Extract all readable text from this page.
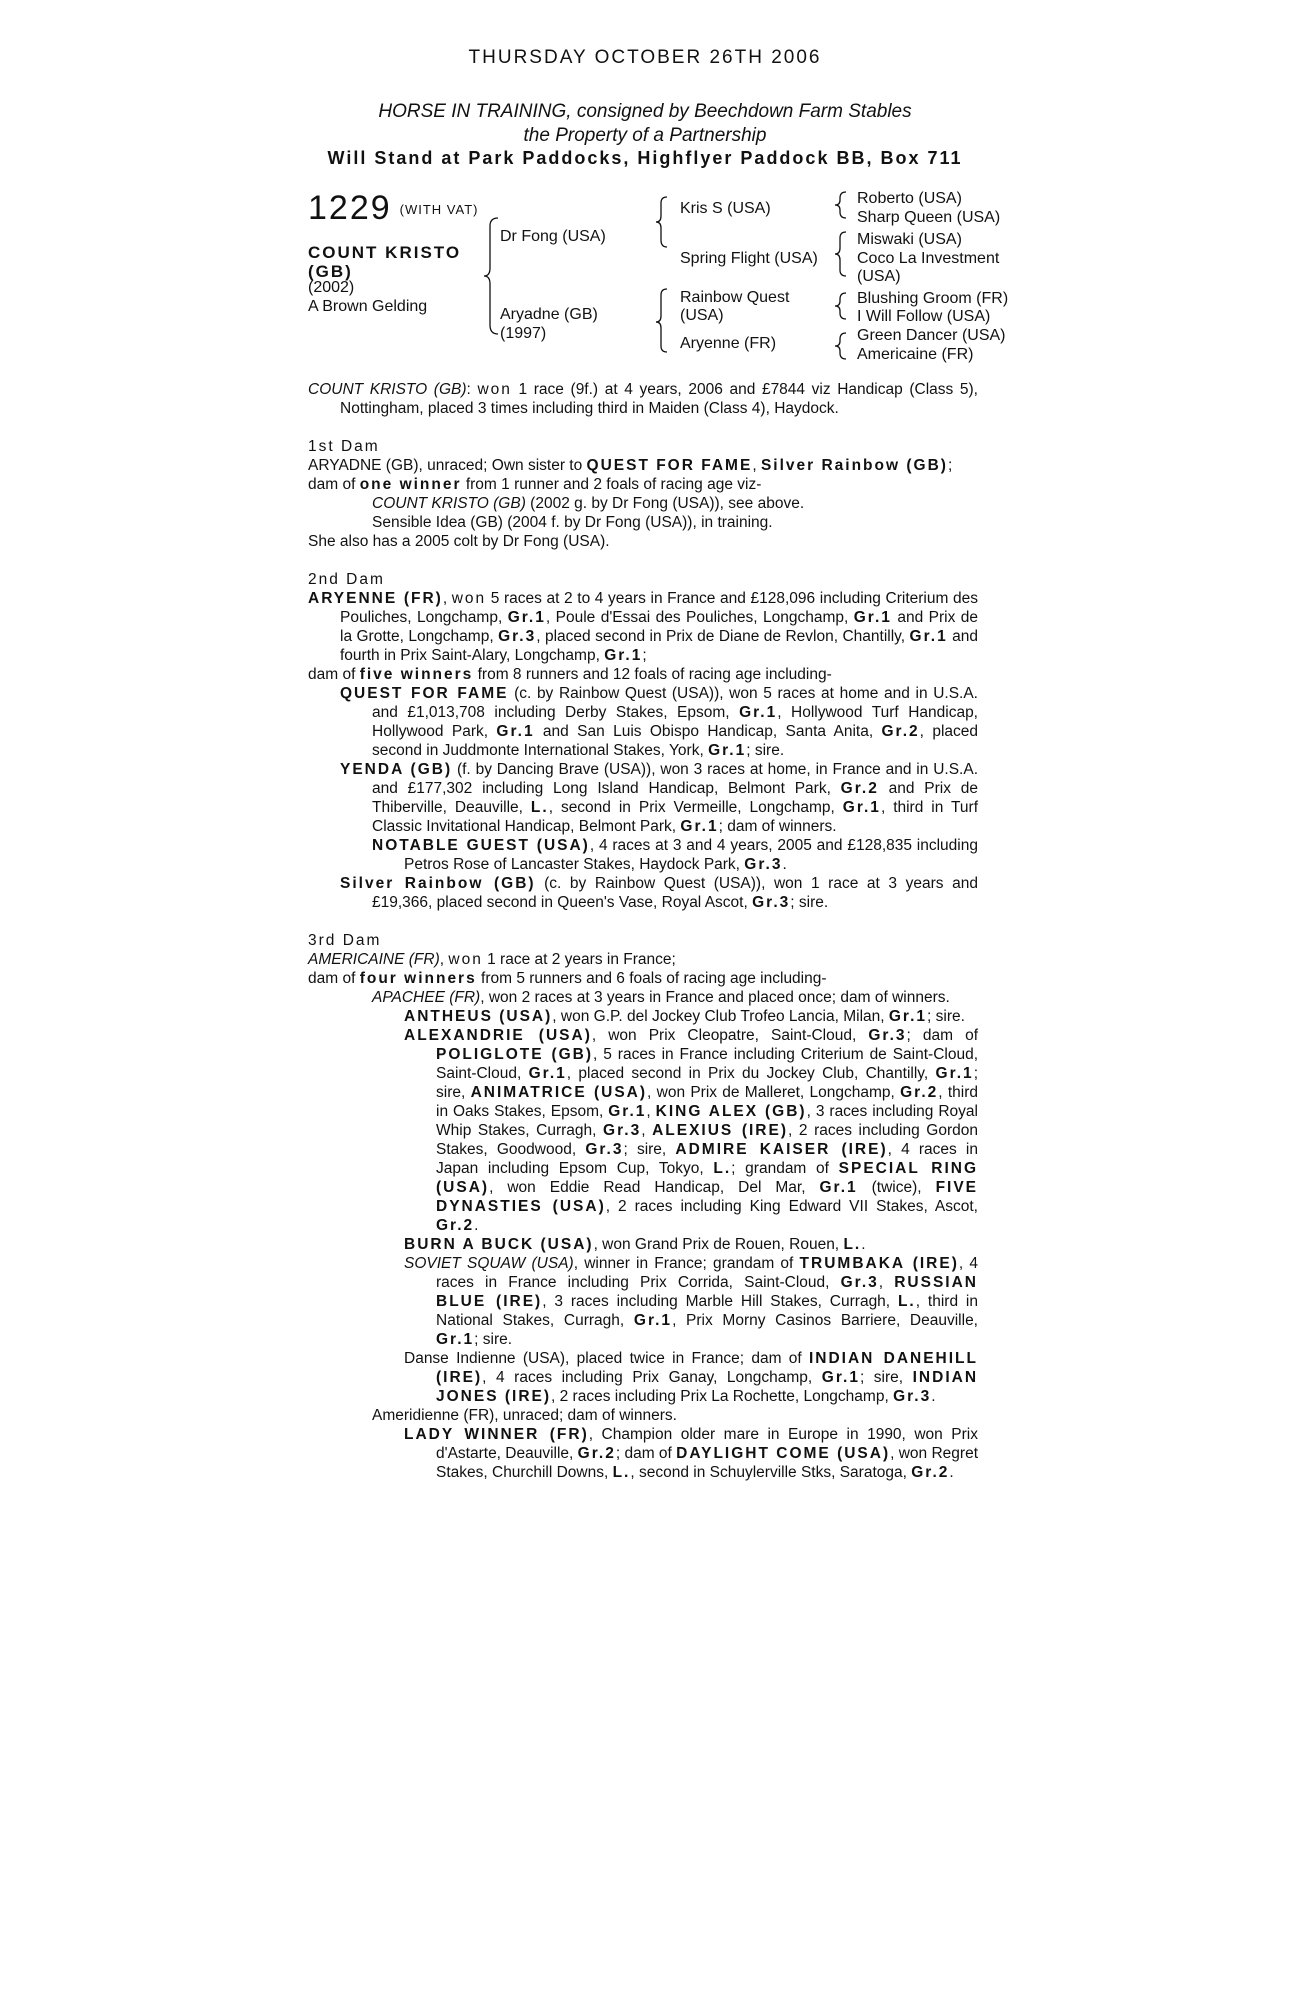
THURSDAY OCTOBER 26TH 2006
HORSE IN TRAINING, consigned by Beechdown Farm Stables
the Property of a Partnership
Will Stand at Park Paddocks, Highflyer Paddock BB, Box 711
1229 (WITH VAT)
COUNT KRISTO (GB)
(2002)
A Brown Gelding
Dr Fong (USA)
Aryadne (GB)
(1997)
Kris S (USA)
Spring Flight (USA)
Rainbow Quest (USA)
Aryenne (FR)
Roberto (USA)
Sharp Queen (USA)
Miswaki (USA)
Coco La Investment (USA)
Blushing Groom (FR)
I Will Follow (USA)
Green Dancer (USA)
Americaine (FR)

COUNT KRISTO (GB): won 1 race (9f.) at 4 years, 2006 and £7844 viz Handicap (Class 5), Nottingham, placed 3 times including third in Maiden (Class 4), Haydock.

1st Dam

ARYADNE (GB), unraced; Own sister to QUEST FOR FAME, Silver Rainbow (GB);

dam of one winner from 1 runner and 2 foals of racing age viz-

COUNT KRISTO (GB) (2002 g. by Dr Fong (USA)), see above.

Sensible Idea (GB) (2004 f. by Dr Fong (USA)), in training.

She also has a 2005 colt by Dr Fong (USA).

2nd Dam

ARYENNE (FR), won 5 races at 2 to 4 years in France and £128,096 including Criterium des Pouliches, Longchamp, Gr.1, Poule d'Essai des Pouliches, Longchamp, Gr.1 and Prix de la Grotte, Longchamp, Gr.3, placed second in Prix de Diane de Revlon, Chantilly, Gr.1 and fourth in Prix Saint-Alary, Longchamp, Gr.1;

dam of five winners from 8 runners and 12 foals of racing age including-

QUEST FOR FAME (c. by Rainbow Quest (USA)), won 5 races at home and in U.S.A. and £1,013,708 including Derby Stakes, Epsom, Gr.1, Hollywood Turf Handicap, Hollywood Park, Gr.1 and San Luis Obispo Handicap, Santa Anita, Gr.2, placed second in Juddmonte International Stakes, York, Gr.1; sire.

YENDA (GB) (f. by Dancing Brave (USA)), won 3 races at home, in France and in U.S.A. and £177,302 including Long Island Handicap, Belmont Park, Gr.2 and Prix de Thiberville, Deauville, L., second in Prix Vermeille, Longchamp, Gr.1, third in Turf Classic Invitational Handicap, Belmont Park, Gr.1; dam of winners.

NOTABLE GUEST (USA), 4 races at 3 and 4 years, 2005 and £128,835 including Petros Rose of Lancaster Stakes, Haydock Park, Gr.3.

Silver Rainbow (GB) (c. by Rainbow Quest (USA)), won 1 race at 3 years and £19,366, placed second in Queen's Vase, Royal Ascot, Gr.3; sire.

3rd Dam

AMERICAINE (FR), won 1 race at 2 years in France;

dam of four winners from 5 runners and 6 foals of racing age including-

APACHEE (FR), won 2 races at 3 years in France and placed once; dam of winners.

ANTHEUS (USA), won G.P. del Jockey Club Trofeo Lancia, Milan, Gr.1; sire.

ALEXANDRIE (USA), won Prix Cleopatre, Saint-Cloud, Gr.3; dam of POLIGLOTE (GB), 5 races in France including Criterium de Saint-Cloud, Saint-Cloud, Gr.1, placed second in Prix du Jockey Club, Chantilly, Gr.1; sire, ANIMATRICE (USA), won Prix de Malleret, Longchamp, Gr.2, third in Oaks Stakes, Epsom, Gr.1, KING ALEX (GB), 3 races including Royal Whip Stakes, Curragh, Gr.3, ALEXIUS (IRE), 2 races including Gordon Stakes, Goodwood, Gr.3; sire, ADMIRE KAISER (IRE), 4 races in Japan including Epsom Cup, Tokyo, L.; grandam of SPECIAL RING (USA), won Eddie Read Handicap, Del Mar, Gr.1 (twice), FIVE DYNASTIES (USA), 2 races including King Edward VII Stakes, Ascot, Gr.2.

BURN A BUCK (USA), won Grand Prix de Rouen, Rouen, L..

SOVIET SQUAW (USA), winner in France; grandam of TRUMBAKA (IRE), 4 races in France including Prix Corrida, Saint-Cloud, Gr.3, RUSSIAN BLUE (IRE), 3 races including Marble Hill Stakes, Curragh, L., third in National Stakes, Curragh, Gr.1, Prix Morny Casinos Barriere, Deauville, Gr.1; sire.

Danse Indienne (USA), placed twice in France; dam of INDIAN DANEHILL (IRE), 4 races including Prix Ganay, Longchamp, Gr.1; sire, INDIAN JONES (IRE), 2 races including Prix La Rochette, Longchamp, Gr.3.

Ameridienne (FR), unraced; dam of winners.

LADY WINNER (FR), Champion older mare in Europe in 1990, won Prix d'Astarte, Deauville, Gr.2; dam of DAYLIGHT COME (USA), won Regret Stakes, Churchill Downs, L., second in Schuylerville Stks, Saratoga, Gr.2.
